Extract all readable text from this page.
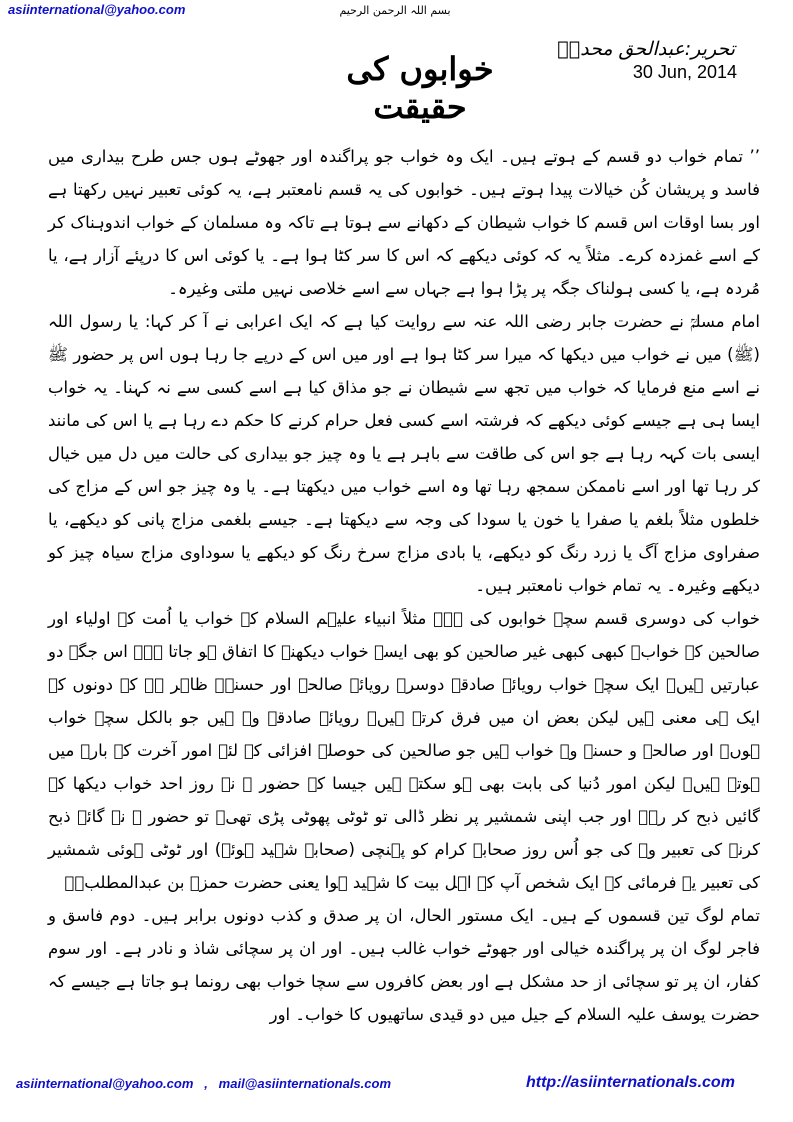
asiinternational@yahoo.com	بسم اللہ الرحمن الرحیم
تحریر:عبدالحق محدثؒ
30 Jun, 2014
خوابوں کی حقیقت

’’ تمام خواب دو قسم کے ہوتے ہیں۔ ایک وہ خواب جو پراگندہ اور جھوٹے ہوں جس طرح بیداری میں فاسد و پریشان کُن خیالات پیدا ہوتے ہیں۔ خوابوں کی یہ قسم نامعتبر ہے، یہ کوئی تعبیر نہیں رکھتا ہے اور بسا اوقات اس قسم کا خواب شیطان کے دکھانے سے ہوتا ہے تاکہ وہ مسلمان کے خواب اندوہناک کر کے اسے غمزدہ کرے۔ مثلاً یہ کہ کوئی دیکھے کہ اس کا سر کٹا ہوا ہے۔ یا کوئی اس کا درپئے آزار ہے، یا مُردہ ہے، یا کسی ہولناک جگہ پر پڑا ہوا ہے جہاں سے اسے خلاصی نہیں ملتی وغیرہ۔

امام مسلمؒ نے حضرت جابر رضی اللہ عنہ سے روایت کیا ہے کہ ایک اعرابی نے آ کر کہا: یا رسول اللہ (ﷺ) میں نے خواب میں دیکھا کہ میرا سر کٹا ہوا ہے اور میں اس کے درپے جا رہا ہوں اس پر حضور ﷺ نے اسے منع فرمایا کہ خواب میں تجھ سے شیطان نے جو مذاق کیا ہے اسے کسی سے نہ کہنا۔ یہ خواب ایسا ہی ہے جیسے کوئی دیکھے کہ فرشتہ اسے کسی فعل حرام کرنے کا حکم دے رہا ہے یا اس کی مانند ایسی بات کہہ رہا ہے جو اس کی طاقت سے باہر ہے یا وہ چیز جو بیداری کی حالت میں دل میں خیال کر رہا تھا اور اسے ناممکن سمجھ رہا تھا وہ اسے خواب میں دیکھتا ہے۔ یا وہ چیز جو اس کے مزاج کی خلطوں مثلاً بلغم یا صفرا یا خون یا سودا کی وجہ سے دیکھتا ہے۔ جیسے بلغمی مزاج پانی کو دیکھے، یا صفراوی مزاج آگ یا زرد رنگ کو دیکھے، یا بادی مزاج سرخ رنگ کو دیکھے یا سوداوی مزاج سیاہ چیز کو دیکھے وغیرہ۔ یہ تمام خواب نامعتبر ہیں۔

خواب کی دوسری قسم سچے خوابوں کی ہے۔ مثلاً انبیاء علیہم السلام کے خواب یا اُمت کے اولیاء اور صالحین کے خواب۔ کبھی کبھی غیر صالحین کو بھی ایسے خواب دیکھنے کا اتفاق ہو جاتا ہے۔ اس جگہ دو عبارتیں ہیں۔ ایک سچے خواب رویائے صادقہ دوسرے رویائے صالحہ اور حسنہ۔ ظاہر ہے کہ دونوں کے ایک ہی معنی ہیں لیکن بعض ان میں فرق کرتے ہیں۔ رویائے صادقہ وہ ہیں جو بالکل سچے خواب ہوں۔ اور صالحہ و حسنہ وہ خواب ہیں جو صالحین کی حوصلہ افزائی کے لئے امور آخرت کے بارے میں ہوتے ہیں۔ لیکن امور دُنیا کی بابت بھی ہو سکتے ہیں جیسا کہ حضور ﷺ نے روز احد خواب دیکھا کہ گائیں ذبح کر رہے اور جب اپنی شمشیر پر نظر ڈالی تو ٹوٹی پھوٹی پڑی تھی۔ تو حضور ﷺ نے گائے ذبح کرنے کی تعبیر وہ کی جو اُس روز صحابہ کرام کو پہنچی (صحابہ شہید ہوئے) اور ٹوٹی ہوئی شمشیر کی تعبیر یہ فرمائی کہ ایک شخص آپ کے اہل بیت کا شہید ہوا یعنی حضرت حمزہ بن عبدالمطلبؓ۔

تمام لوگ تین قسموں کے ہیں۔ ایک مستور الحال، ان پر صدق و کذب دونوں برابر ہیں۔ دوم فاسق و فاجر لوگ ان پر پراگندہ خیالی اور جھوٹے خواب غالب ہیں۔ اور ان پر سچائی شاذ و نادر ہے۔ اور سوم کفار، ان پر تو سچائی از حد مشکل ہے اور بعض کافروں سے سچا خواب بھی رونما ہو جاتا ہے جیسے کہ حضرت یوسف علیہ السلام کے جیل میں دو قیدی ساتھیوں کا خواب۔ اور

asiinternational@yahoo.com   ,   mail@asiinternationals.com	http://asiinternationals.com
